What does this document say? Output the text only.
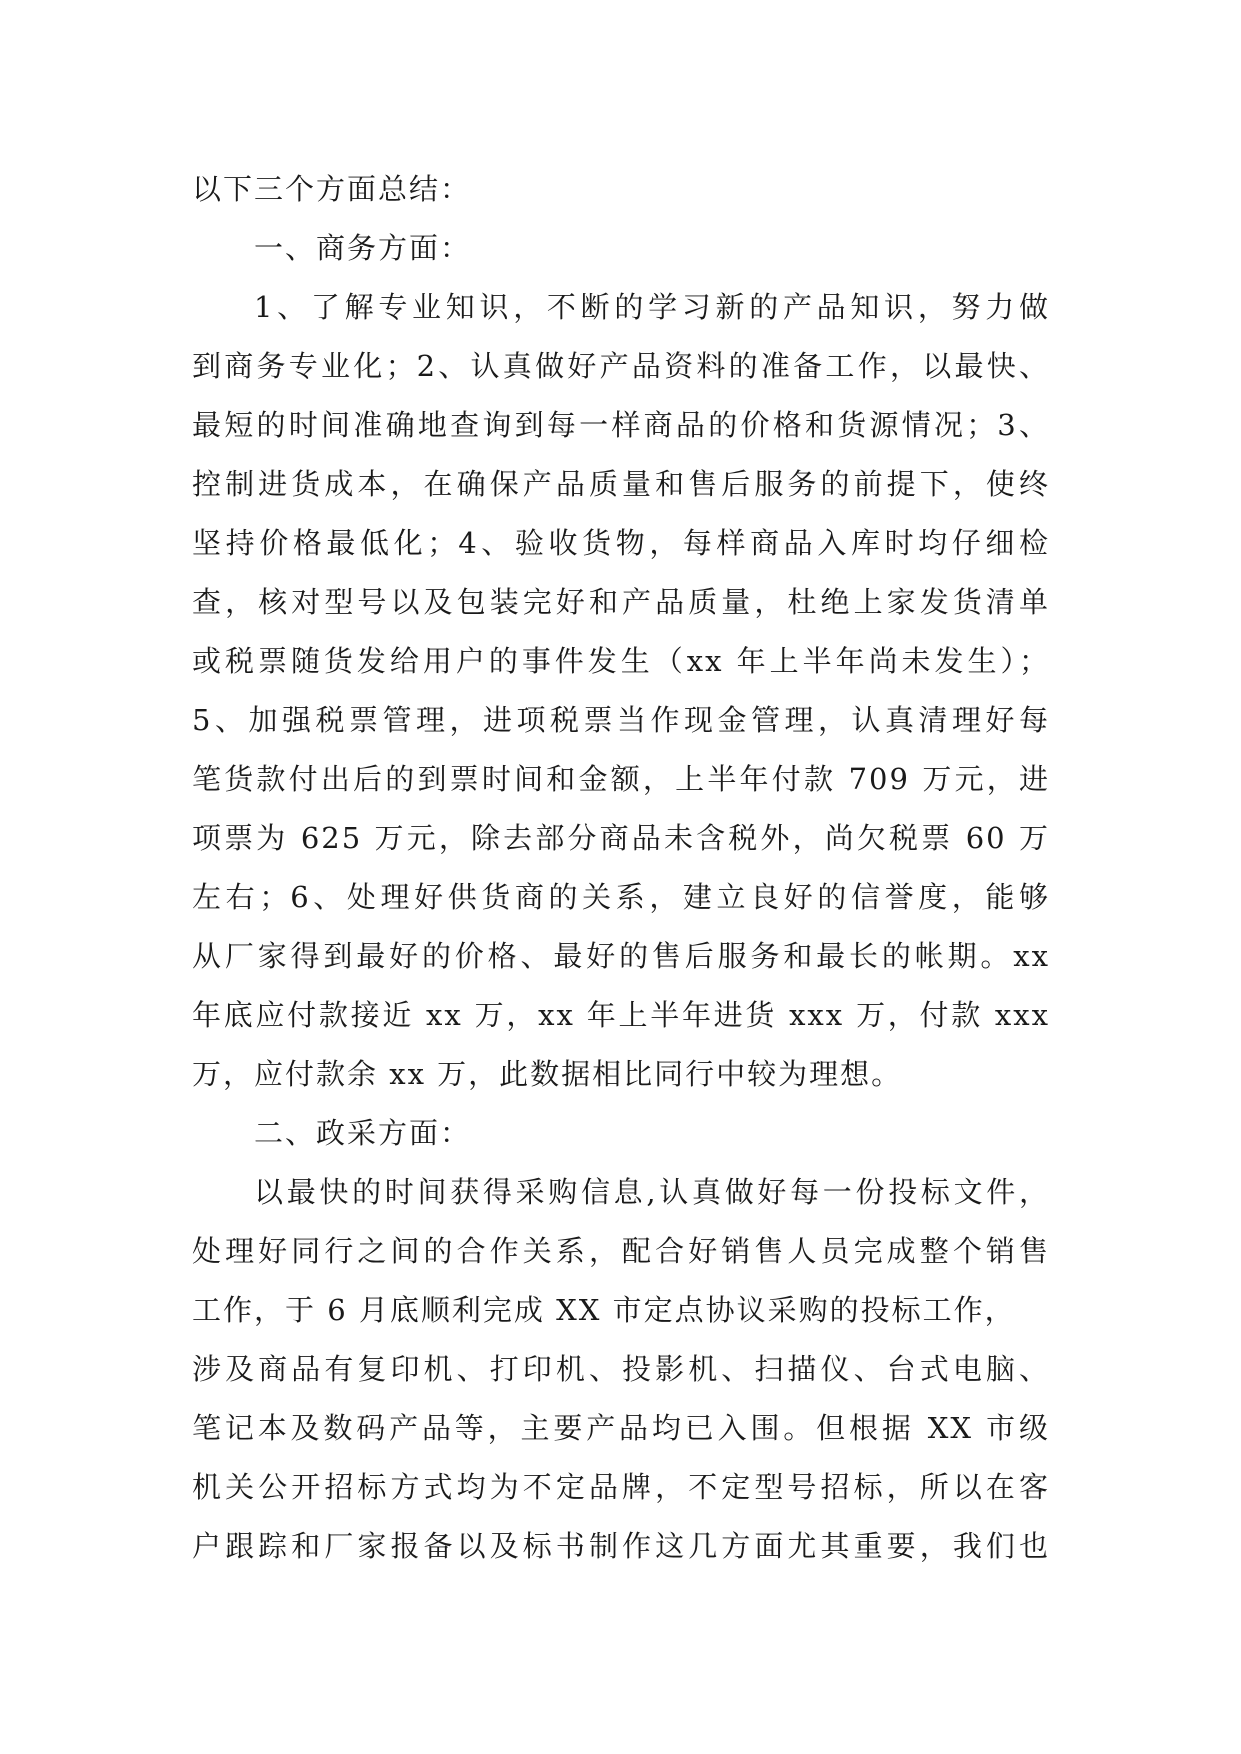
以下三个方面总结：
一、商务方面：
1、了解专业知识，不断的学习新的产品知识，努力做
到商务专业化；2、认真做好产品资料的准备工作，以最快、
最短的时间准确地查询到每一样商品的价格和货源情况；3、
控制进货成本，在确保产品质量和售后服务的前提下，使终
坚持价格最低化；4、验收货物，每样商品入库时均仔细检
查，核对型号以及包装完好和产品质量，杜绝上家发货清单
或税票随货发给用户的事件发生（xx 年上半年尚未发生）；
5、加强税票管理，进项税票当作现金管理，认真清理好每
笔货款付出后的到票时间和金额，上半年付款 709 万元，进
项票为 625 万元，除去部分商品未含税外，尚欠税票 60 万
左右；6、处理好供货商的关系，建立良好的信誉度，能够
从厂家得到最好的价格、最好的售后服务和最长的帐期。xx
年底应付款接近 xx 万，xx 年上半年进货 xxx 万，付款 xxx
万，应付款余 xx 万，此数据相比同行中较为理想。
二、政采方面：
以最快的时间获得采购信息,认真做好每一份投标文件，
处理好同行之间的合作关系，配合好销售人员完成整个销售
工作，于 6 月底顺利完成 XX 市定点协议采购的投标工作，
涉及商品有复印机、打印机、投影机、扫描仪、台式电脑、
笔记本及数码产品等，主要产品均已入围。但根据 XX 市级
机关公开招标方式均为不定品牌，不定型号招标，所以在客
户跟踪和厂家报备以及标书制作这几方面尤其重要，我们也
